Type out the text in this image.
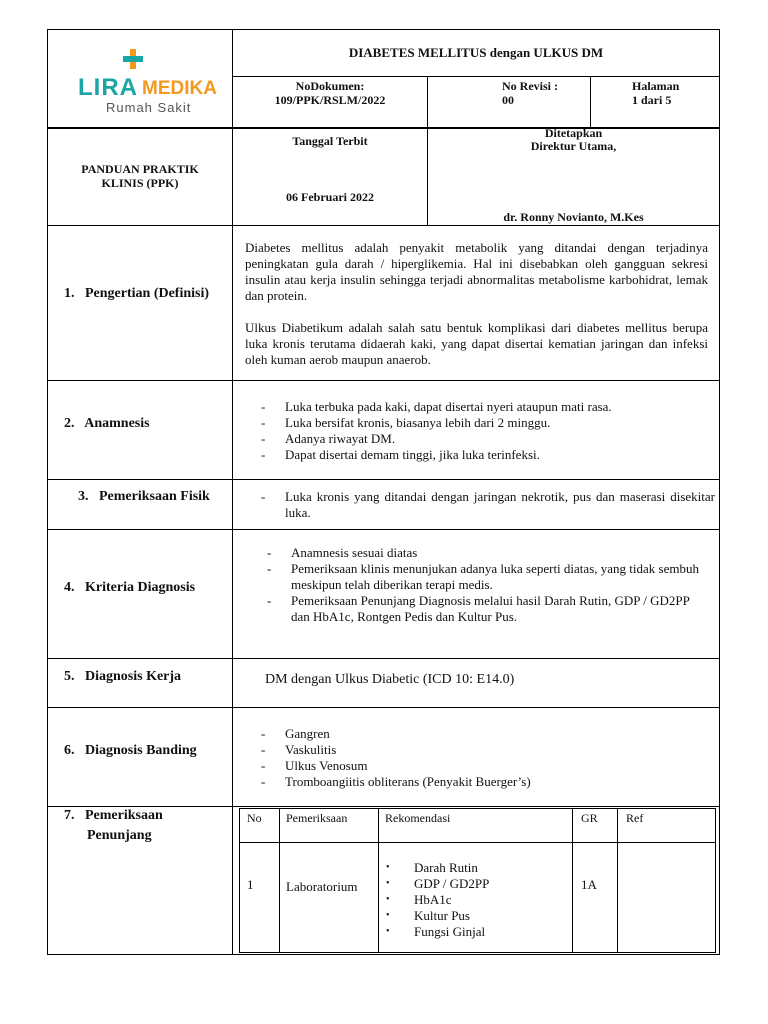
LIRA MEDIKA
Rumah Sakit
DIABETES MELLITUS dengan ULKUS DM
NoDokumen:
109/PPK/RSLM/2022
No Revisi :
00
Halaman
1 dari 5
PANDUAN PRAKTIK KLINIS (PPK)
Tanggal Terbit
06 Februari 2022
Ditetapkan
Direktur Utama,
dr. Ronny Novianto, M.Kes
1.   Pengertian (Definisi)
Diabetes mellitus adalah penyakit metabolik yang ditandai dengan terjadinya peningkatan gula darah / hiperglikemia. Hal ini disebabkan oleh gangguan sekresi insulin atau kerja insulin sehingga terjadi abnormalitas metabolisme karbohidrat, lemak dan protein.
Ulkus Diabetikum adalah salah satu bentuk komplikasi dari diabetes mellitus berupa luka kronis terutama didaerah kaki, yang dapat disertai kematian jaringan dan infeksi oleh kuman aerob maupun anaerob.
2.   Anamnesis
- Luka terbuka pada kaki, dapat disertai nyeri ataupun mati rasa.
- Luka bersifat kronis, biasanya lebih dari 2 minggu.
- Adanya riwayat DM.
- Dapat disertai demam tinggi, jika luka terinfeksi.
3.   Pemeriksaan Fisik
-	Luka kronis yang ditandai dengan jaringan nekrotik, pus dan maserasi disekitar luka.
4.   Kriteria Diagnosis
- Anamnesis sesuai diatas
- Pemeriksaan klinis menunjukan adanya luka seperti diatas, yang tidak sembuh meskipun telah diberikan terapi medis.
- Pemeriksaan Penunjang Diagnosis melalui hasil Darah Rutin, GDP / GD2PP dan HbA1c, Rontgen Pedis dan Kultur Pus.
5.   Diagnosis Kerja	DM dengan Ulkus Diabetic (ICD 10: E14.0)
6.   Diagnosis Banding
- Gangren
- Vaskulitis
- Ulkus Venosum
- Tromboangiitis obliterans (Penyakit Buerger’s)
7.   Pemeriksaan
Penunjang
No Pemeriksaan	Rekomendasi	GR Ref
1	Laboratorium
• Darah Rutin
• GDP / GD2PP
• HbA1c
• Kultur Pus
• Fungsi Ginjal
1A
